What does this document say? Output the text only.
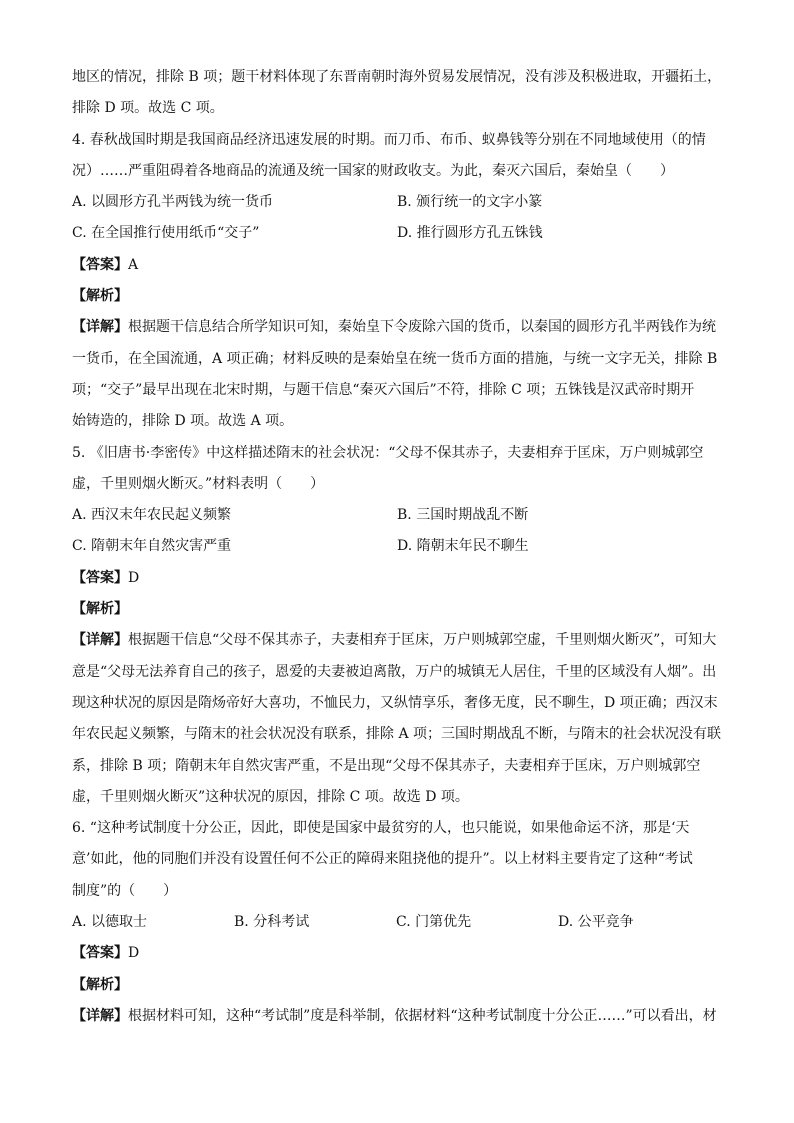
地区的情况，排除 B 项；题干材料体现了东晋南朝时海外贸易发展情况，没有涉及积极进取，开疆拓土，
排除 D 项。故选 C 项。
4. 春秋战国时期是我国商品经济迅速发展的时期。而刀币、布币、蚁鼻钱等分别在不同地域使用（的情
况）……严重阻碍着各地商品的流通及统一国家的财政收支。为此，秦灭六国后，秦始皇（　　）
A. 以圆形方孔半两钱为统一货币	B. 颁行统一的文字小篆
C. 在全国推行使用纸币“交子”	D. 推行圆形方孔五铢钱
【答案】A
【解析】
【详解】根据题干信息结合所学知识可知，秦始皇下令废除六国的货币，以秦国的圆形方孔半两钱作为统
一货币，在全国流通，A 项正确；材料反映的是秦始皇在统一货币方面的措施，与统一文字无关，排除 B
项；“交子”最早出现在北宋时期，与题干信息“秦灭六国后”不符，排除 C 项；五铢钱是汉武帝时期开
始铸造的，排除 D 项。故选 A 项。
5. 《旧唐书·李密传》中这样描述隋末的社会状况：“父母不保其赤子，夫妻相弃于匡床，万户则城郭空
虚，千里则烟火断灭。”材料表明（　　）
A. 西汉末年农民起义频繁	B. 三国时期战乱不断
C. 隋朝末年自然灾害严重	D. 隋朝末年民不聊生
【答案】D
【解析】
【详解】根据题干信息“父母不保其赤子，夫妻相弃于匡床，万户则城郭空虚，千里则烟火断灭”，可知大
意是“父母无法养育自己的孩子，恩爱的夫妻被迫离散，万户的城镇无人居住，千里的区域没有人烟”。出
现这种状况的原因是隋炀帝好大喜功，不恤民力，又纵情享乐，奢侈无度，民不聊生，D 项正确；西汉末
年农民起义频繁，与隋末的社会状况没有联系，排除 A 项；三国时期战乱不断，与隋末的社会状况没有联
系，排除 B 项；隋朝末年自然灾害严重，不是出现“父母不保其赤子，夫妻相弃于匡床，万户则城郭空
虚，千里则烟火断灭”这种状况的原因，排除 C 项。故选 D 项。
6. “这种考试制度十分公正，因此，即使是国家中最贫穷的人，也只能说，如果他命运不济，那是‘天
意’如此，他的同胞们并没有设置任何不公正的障碍来阻挠他的提升”。以上材料主要肯定了这种“考试
制度”的（　　）
A. 以德取士	B. 分科考试	C. 门第优先	D. 公平竞争
【答案】D
【解析】
【详解】根据材料可知，这种“考试制”度是科举制，依据材料“这种考试制度十分公正……”可以看出，材
